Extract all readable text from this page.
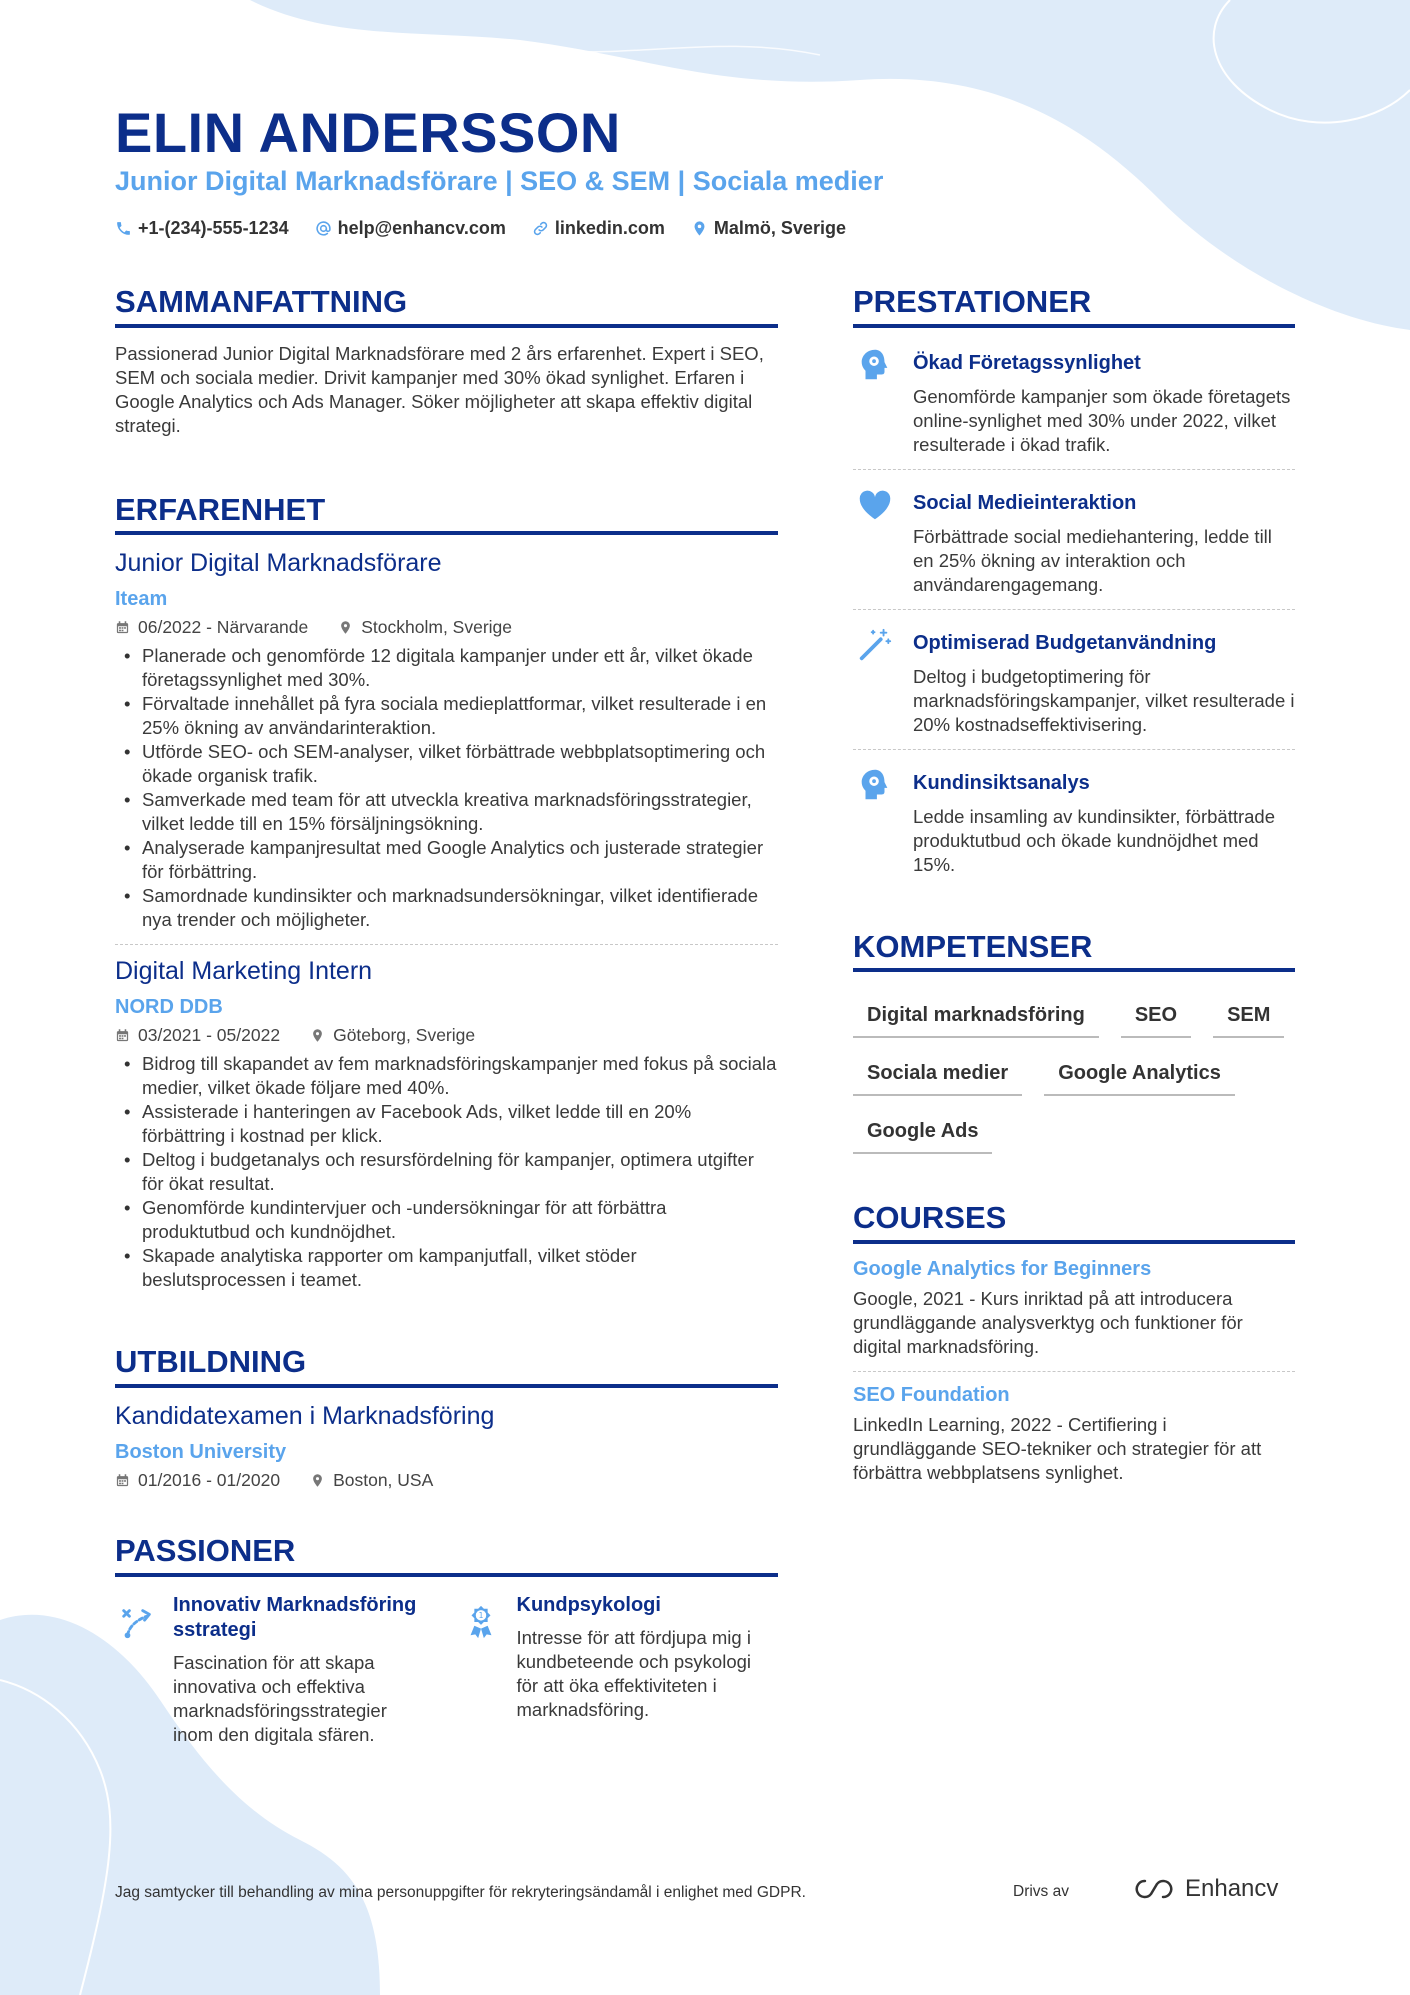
ELIN ANDERSSON
Junior Digital Marknadsförare | SEO & SEM | Sociala medier
+1-(234)-555-1234	help@enhancv.com	linkedin.com	Malmö, Sverige
SAMMANFATTNING
Passionerad Junior Digital Marknadsförare med 2 års erfarenhet. Expert i SEO, SEM och sociala medier. Drivit kampanjer med 30% ökad synlighet. Erfaren i Google Analytics och Ads Manager. Söker möjligheter att skapa effektiv digital strategi.
ERFARENHET
Junior Digital Marknadsförare
Iteam
06/2022 - Närvarande	Stockholm, Sverige
• Planerade och genomförde 12 digitala kampanjer under ett år, vilket ökade företagssynlighet med 30%.
• Förvaltade innehållet på fyra sociala medieplattformar, vilket resulterade i en 25% ökning av användarinteraktion.
• Utförde SEO- och SEM-analyser, vilket förbättrade webbplatsoptimering och ökade organisk trafik.
• Samverkade med team för att utveckla kreativa marknadsföringsstrategier, vilket ledde till en 15% försäljningsökning.
• Analyserade kampanjresultat med Google Analytics och justerade strategier för förbättring.
• Samordnade kundinsikter och marknadsundersökningar, vilket identifierade nya trender och möjligheter.
Digital Marketing Intern
NORD DDB
03/2021 - 05/2022	Göteborg, Sverige
• Bidrog till skapandet av fem marknadsföringskampanjer med fokus på sociala medier, vilket ökade följare med 40%.
• Assisterade i hanteringen av Facebook Ads, vilket ledde till en 20% förbättring i kostnad per klick.
• Deltog i budgetanalys och resursfördelning för kampanjer, optimera utgifter för ökat resultat.
• Genomförde kundintervjuer och -undersökningar för att förbättra produktutbud och kundnöjdhet.
• Skapade analytiska rapporter om kampanjutfall, vilket stöder beslutsprocessen i teamet.
UTBILDNING
Kandidatexamen i Marknadsföring
Boston University
01/2016 - 01/2020	Boston, USA
PASSIONER
Innovativ Marknadsföringsstrategi
Fascination för att skapa innovativa och effektiva marknadsföringsstrategier inom den digitala sfären.
1 Kundpsykologi
Intresse för att fördjupa mig i kundbeteende och psykologi för att öka effektiviteten i marknadsföring.
PRESTATIONER
Ökad Företagssynlighet
Genomförde kampanjer som ökade företagets online-synlighet med 30% under 2022, vilket resulterade i ökad trafik.
Social Medieinteraktion
Förbättrade social mediehantering, ledde till en 25% ökning av interaktion och användarengagemang.
Optimiserad Budgetanvändning
Deltog i budgetoptimering för marknadsföringskampanjer, vilket resulterade i 20% kostnadseffektivisering.
Kundinsiktsanalys
Ledde insamling av kundinsikter, förbättrade produktutbud och ökade kundnöjdhet med 15%.
KOMPETENSER
Digital marknadsföring	SEO	SEM
Sociala medier	Google Analytics
Google Ads
COURSES
Google Analytics for Beginners
Google, 2021 - Kurs inriktad på att introducera grundläggande analysverktyg och funktioner för digital marknadsföring.
SEO Foundation
LinkedIn Learning, 2022 - Certifiering i grundläggande SEO-tekniker och strategier för att förbättra webbplatsens synlighet.
Jag samtycker till behandling av mina personuppgifter för rekryteringsändamål i enlighet med GDPR.	Drivs av	Enhancv
